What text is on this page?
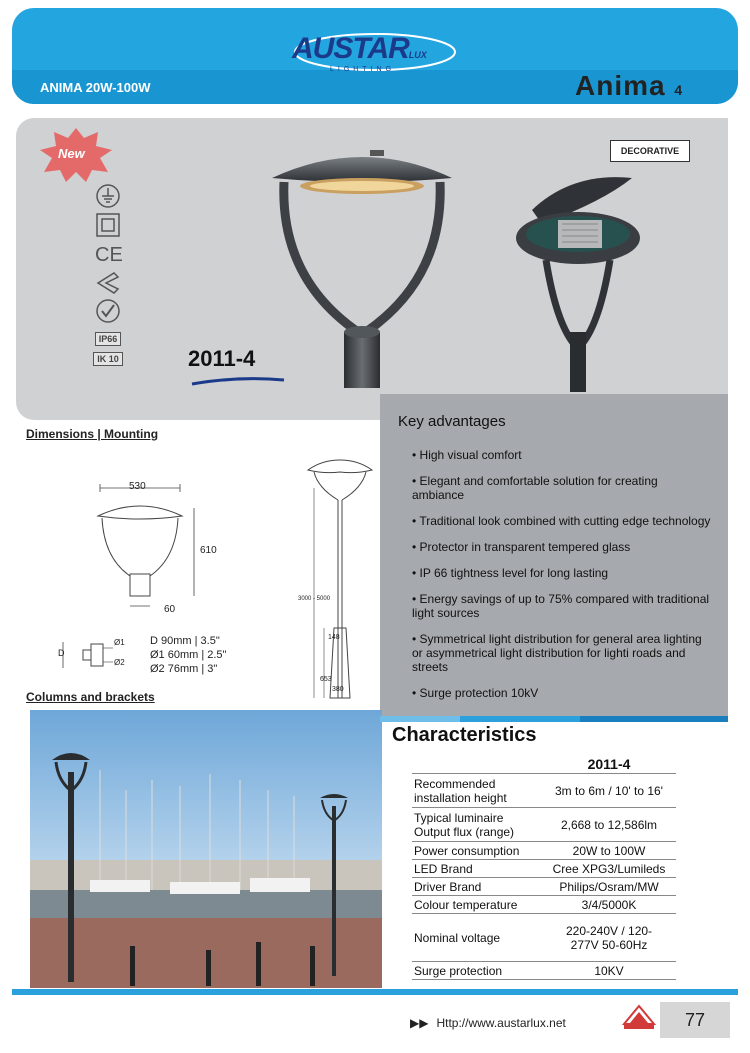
AUSTARLUX
LIGHTING
ANIMA 20W-100W	Anima 4
New	DECORATIVE
CE
IP66
IK 10	2011-4
Key advantages
• High visual comfort
• Elegant and comfortable solution for creating ambiance
• Traditional look combined with cutting edge technology
• Protector in transparent tempered glass
• IP 66 tightness level for long lasting
• Energy savings of up to 75% compared with traditional light sources
• Symmetrical light distribution for general area lighting or asymmetrical light distribution for lighti roads and streets
• Surge protection 10kV
Dimensions | Mounting
530
610
60
3000 - 5000
148
653
380
D
Ø1
Ø2
D 90mm | 3.5"
Ø1 60mm | 2.5"
Ø2 76mm | 3"
Columns and brackets
Characteristics
	2011-4
Recommended installation height	3m to 6m / 10' to 16'
Typical luminaire Output flux (range)	2,668 to 12,586lm
Power consumption	20W to 100W
LED Brand	Cree XPG3/Lumileds
Driver Brand	Philips/Osram/MW
Colour temperature	3/4/5000K
Nominal voltage	220-240V / 120-277V 50-60Hz
Surge protection	10KV
▶▶ Http://www.austarlux.net	77
